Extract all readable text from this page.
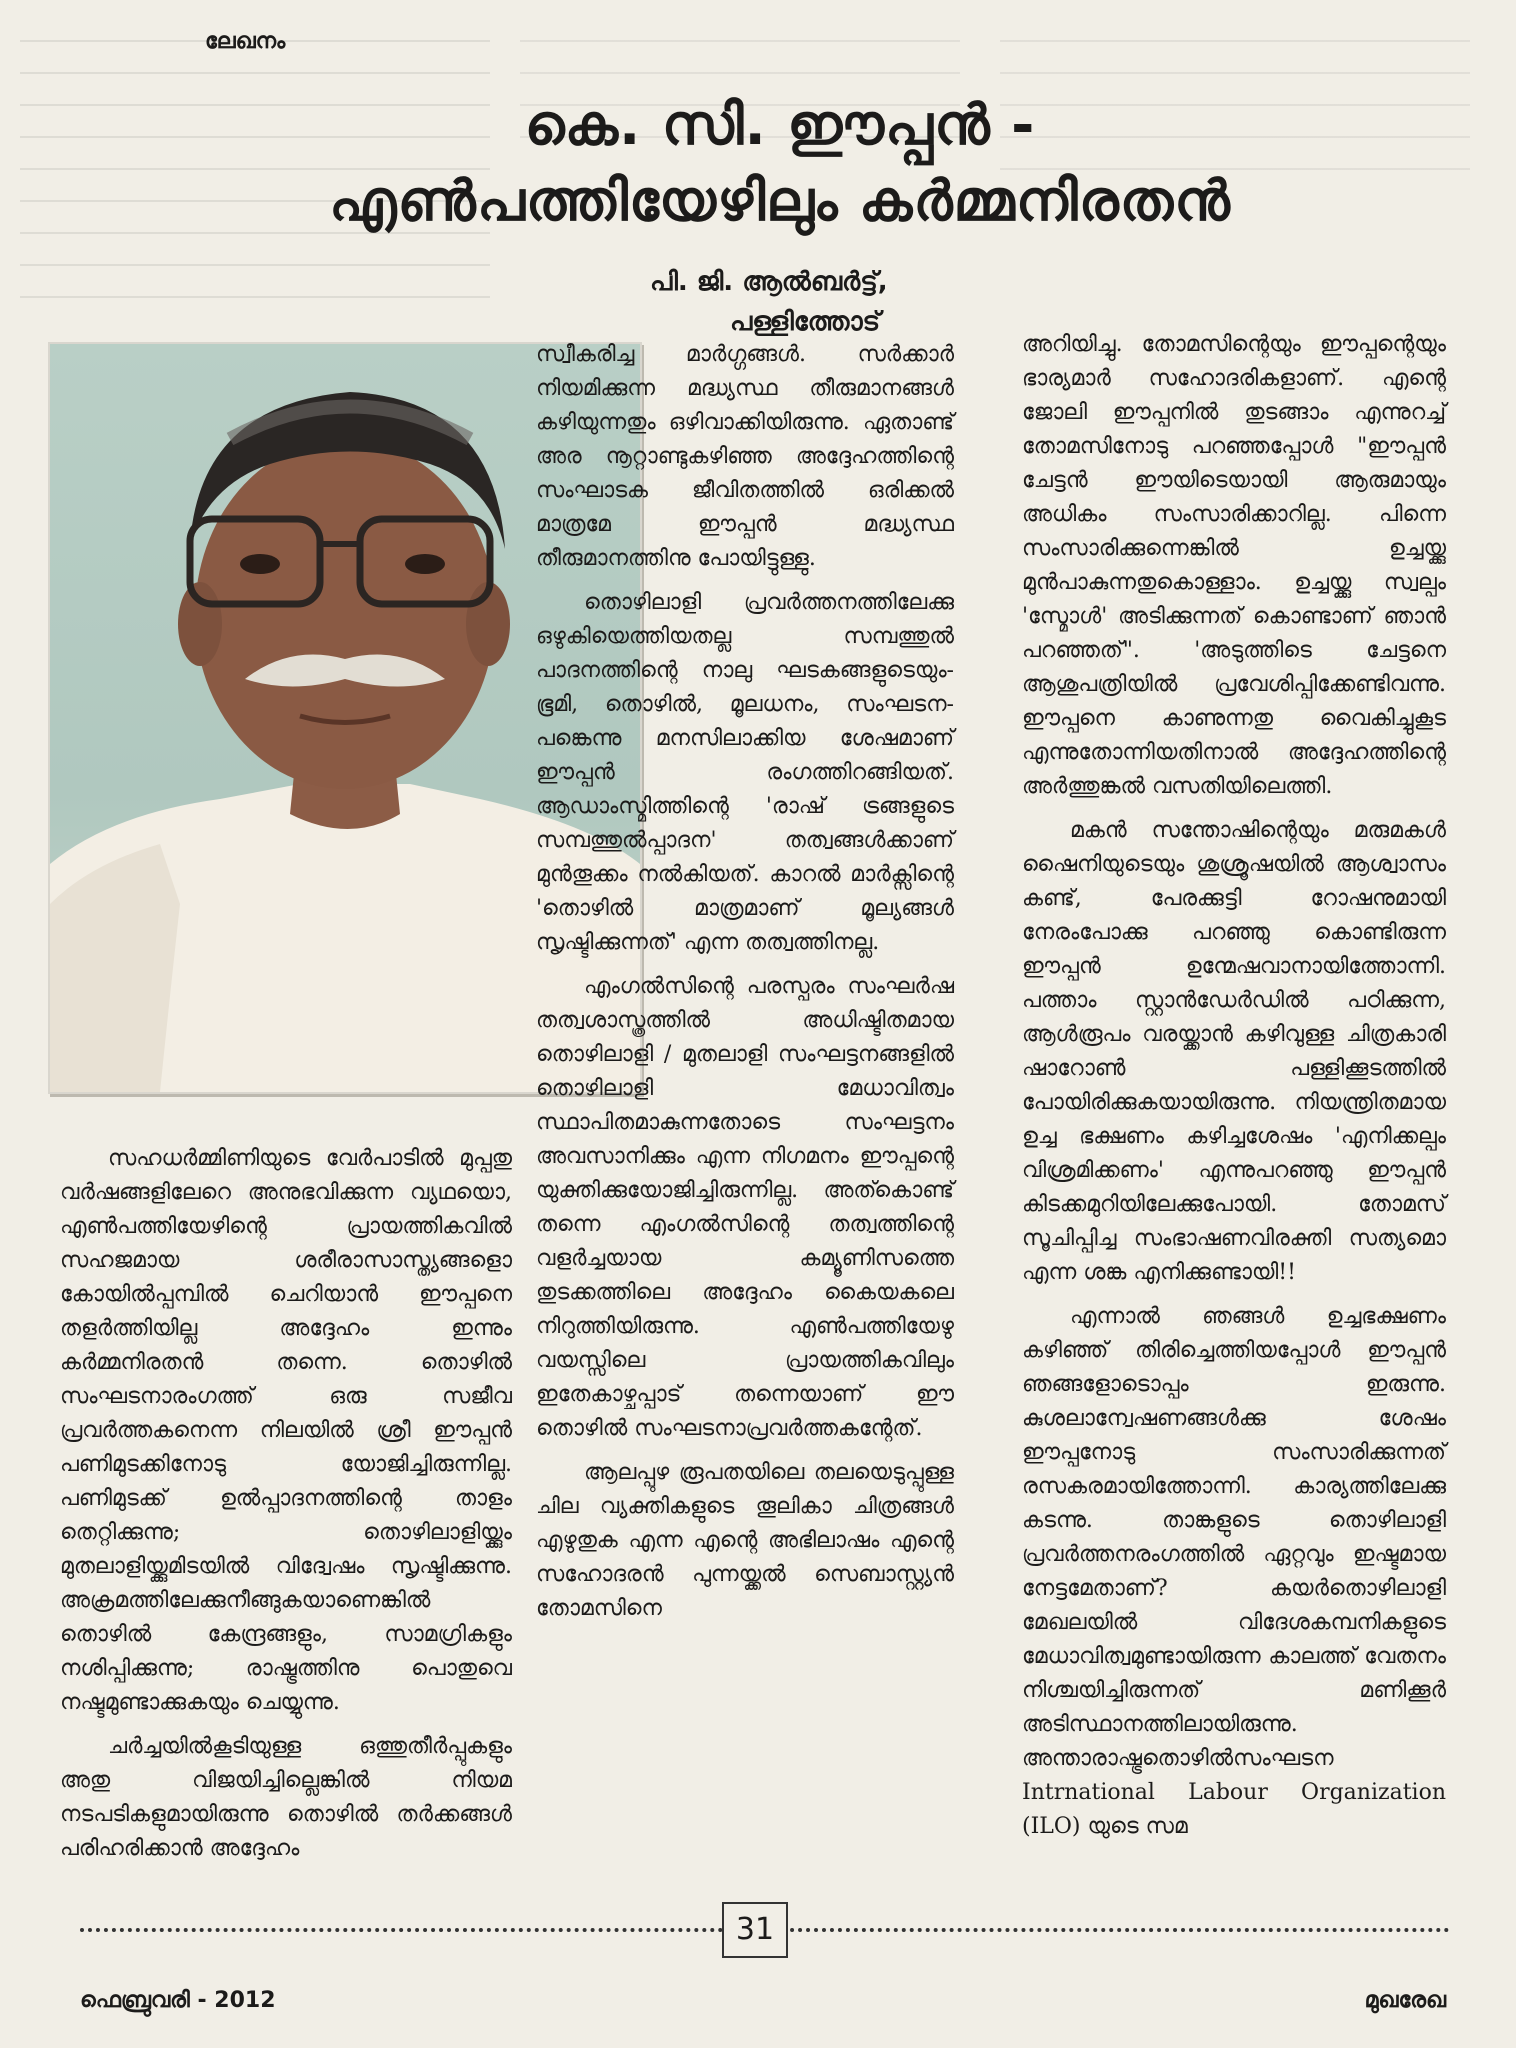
ലേഖനം
കെ. സി. ഈപ്പൻ -
എൺപത്തിയേഴിലും കർമ്മനിരതൻ
പി. ജി. ആൽബർട്ട്,
പള്ളിത്തോട്

സഹധർമ്മിണിയുടെ വേർപാടിൽ മുപ്പതു വർഷങ്ങളിലേറെ അനുഭവിക്കുന്ന വ്യഥയൊ, എൺപത്തിയേഴിന്റെ പ്രായത്തികവിൽ സഹജമായ ശരീരാസാസ്ത്യങ്ങളൊ കോയിൽപ്പമ്പിൽ ചെറിയാൻ ഈപ്പനെ തളർത്തിയില്ല അദ്ദേഹം ഇന്നും കർമ്മനിരതൻ തന്നെ. തൊഴിൽ സംഘടനാരംഗത്ത് ഒരു സജീവ പ്രവർത്തകനെന്ന നിലയിൽ ശ്രീ ഈപ്പൻ പണിമുടക്കിനോടു യോജിച്ചിരുന്നില്ല. പണിമുടക്ക് ഉൽപ്പാദനത്തിന്റെ താളം തെറ്റിക്കുന്നു; തൊഴിലാളിയ്ക്കും മുതലാളിയ്ക്കുമിടയിൽ വിദ്വേഷം സൃഷ്ടിക്കുന്നു. അക്രമത്തിലേക്കുനീങ്ങുകയാണെങ്കിൽ തൊഴിൽ കേന്ദ്രങ്ങളും, സാമഗ്രികളും നശിപ്പിക്കുന്നു; രാഷ്ട്രത്തിനു പൊതുവെ നഷ്ടമുണ്ടാക്കുകയും ചെയ്യുന്നു.

ചർച്ചയിൽകൂടിയുള്ള ഒത്തുതീർപ്പുകളും അതു വിജയിച്ചില്ലെങ്കിൽ നിയമ നടപടികളുമായിരുന്നു തൊഴിൽ തർക്കങ്ങൾ പരിഹരിക്കാൻ അദ്ദേഹം

സ്വീകരിച്ച മാർഗ്ഗങ്ങൾ. സർക്കാർ നിയമിക്കുന്ന മദ്ധ്യസ്ഥ തീരുമാനങ്ങൾ കഴിയുന്നതും ഒഴിവാക്കിയിരുന്നു. ഏതാണ്ട് അര നൂറ്റാണ്ടുകഴിഞ്ഞ അദ്ദേഹത്തിന്റെ സംഘാടക ജീവിതത്തിൽ ഒരിക്കൽ മാത്രമേ ഈപ്പൻ മദ്ധ്യസ്ഥ തീരുമാനത്തിനു പോയിട്ടുള്ളു.

തൊഴിലാളി പ്രവർത്തനത്തിലേക്കു ഒഴുകിയെത്തിയതല്ല സമ്പത്തുൽ പാദനത്തിന്റെ നാലു ഘടകങ്ങളുടെയും-ഭൂമി, തൊഴിൽ, മൂലധനം, സംഘടന- പങ്കെന്നു മനസിലാക്കിയ ശേഷമാണ് ഈപ്പൻ രംഗത്തിറങ്ങിയത്. ആഡാംസ്മിത്തിന്റെ 'രാഷ് ട്രങ്ങളുടെ സമ്പത്തുൽപ്പാദന' തത്വങ്ങൾക്കാണ് മുൻതൂക്കം നൽകിയത്. കാറൽ മാർക്സിന്റെ 'തൊഴിൽ മാത്രമാണ് മൂല്യങ്ങൾ സൃഷ്ടിക്കുന്നത്' എന്ന തത്വത്തിനല്ല.

എംഗൽസിന്റെ പരസ്പരം സംഘർഷ തത്വശാസ്ത്രത്തിൽ അധിഷ്ടിതമായ തൊഴിലാളി / മുതലാളി സംഘട്ടനങ്ങളിൽ തൊഴിലാളി മേധാവിത്വം സ്ഥാപിതമാകുന്നതോടെ സംഘട്ടനം അവസാനിക്കും എന്ന നിഗമനം ഈപ്പന്റെ യുക്തിക്കുയോജിച്ചിരുന്നില്ല. അത്കൊണ്ട് തന്നെ എംഗൽസിന്റെ തത്വത്തിന്റെ വളർച്ചയായ കമ്യൂണിസത്തെ തുടക്കത്തിലെ അദ്ദേഹം കൈയകലെ നിറുത്തിയിരുന്നു. എൺപത്തിയേഴു വയസ്സിലെ പ്രായത്തികവിലും ഇതേകാഴ്ചപ്പാട് തന്നെയാണ് ഈ തൊഴിൽ സംഘടനാപ്രവർത്തകന്റേത്.

ആലപ്പുഴ രൂപതയിലെ തലയെടുപ്പുള്ള ചില വ്യക്തികളുടെ തൂലികാ ചിത്രങ്ങൾ എഴുതുക എന്ന എന്റെ അഭിലാഷം എന്റെ സഹോദരൻ പുന്നയ്ക്കൽ സെബാസ്റ്റ്യൻ തോമസിനെ

അറിയിച്ചു. തോമസിന്റെയും ഈപ്പന്റെയും ഭാര്യമാർ സഹോദരികളാണ്. എന്റെ ജോലി ഈപ്പനിൽ തുടങ്ങാം എന്നുറച്ച് തോമസിനോടു പറഞ്ഞപ്പോൾ "ഈപ്പൻ ചേട്ടൻ ഈയിടെയായി ആരുമായും അധികം സംസാരിക്കാറില്ല. പിന്നെ സംസാരിക്കുന്നെങ്കിൽ ഉച്ചയ്ക്കു മുൻപാകുന്നതുകൊള്ളാം. ഉച്ചയ്ക്കു സ്വല്പം 'സ്മോൾ' അടിക്കുന്നത് കൊണ്ടാണ് ഞാൻ പറഞ്ഞത്". 'അടുത്തിടെ ചേട്ടനെ ആശുപത്രിയിൽ പ്രവേശിപ്പിക്കേണ്ടിവന്നു. ഈപ്പനെ കാണുന്നതു വൈകിച്ചുകൂട എന്നുതോന്നിയതിനാൽ അദ്ദേഹത്തിന്റെ അർത്തുങ്കൽ വസതിയിലെത്തി.

മകൻ സന്തോഷിന്റെയും മരുമകൾ ഷൈനിയുടെയും ശുശ്രൂഷയിൽ ആശ്വാസം കണ്ട്, പേരക്കുട്ടി റോഷനുമായി നേരംപോക്കു പറഞ്ഞു കൊണ്ടിരുന്ന ഈപ്പൻ ഉന്മേഷവാനായിത്തോന്നി. പത്താം സ്റ്റാൻഡേർഡിൽ പഠിക്കുന്ന, ആൾരൂപം വരയ്ക്കാൻ കഴിവുള്ള ചിത്രകാരി ഷാറോൺ പള്ളിക്കൂടത്തിൽ പോയിരിക്കുകയായിരുന്നു. നിയന്ത്രിതമായ ഉച്ച ഭക്ഷണം കഴിച്ചശേഷം 'എനിക്കല്പം വിശ്രമിക്കണം' എന്നുപറഞ്ഞു ഈപ്പൻ കിടക്കമുറിയിലേക്കുപോയി. തോമസ് സൂചിപ്പിച്ച സംഭാഷണവിരക്തി സത്യമൊ എന്ന ശങ്ക എനിക്കുണ്ടായി!!

എന്നാൽ ഞങ്ങൾ ഉച്ചഭക്ഷണം കഴിഞ്ഞ് തിരിച്ചെത്തിയപ്പോൾ ഈപ്പൻ ഞങ്ങളോടൊപ്പം ഇരുന്നു. കുശലാന്വേഷണങ്ങൾക്കു ശേഷം ഈപ്പനോടു സംസാരിക്കുന്നത് രസകരമായിത്തോന്നി. കാര്യത്തിലേക്കു കടന്നു. താങ്കളുടെ തൊഴിലാളി പ്രവർത്തനരംഗത്തിൽ ഏറ്റവും ഇഷ്ടമായ നേട്ടമേതാണ്? കയർതൊഴിലാളി മേഖലയിൽ വിദേശകമ്പനികളുടെ മേധാവിത്വമുണ്ടായിരുന്ന കാലത്ത് വേതനം നിശ്ചയിച്ചിരുന്നത് മണിക്കൂർ അടിസ്ഥാനത്തിലായിരുന്നു. അന്താരാഷ്ട്രതൊഴിൽസംഘടന Intrnational Labour Organization (ILO) യുടെ സമ

31
ഫെബ്രുവരി - 2012	മുഖരേഖ
